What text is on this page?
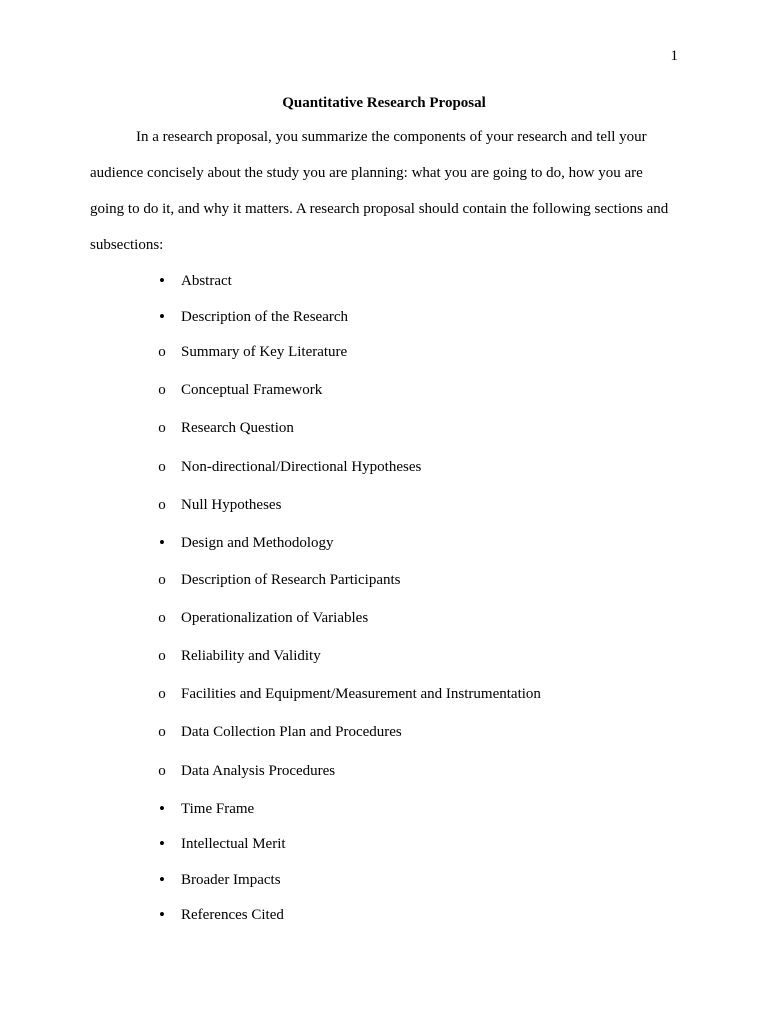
1
Quantitative Research Proposal

In a research proposal, you summarize the components of your research and tell your audience concisely about the study you are planning: what you are going to do, how you are going to do it, and why it matters. A research proposal should contain the following sections and subsections:

•	Abstract
•	Description of the Research
o	Summary of Key Literature
o	Conceptual Framework
o	Research Question
o	Non-directional/Directional Hypotheses
o	Null Hypotheses
•	Design and Methodology
o	Description of Research Participants
o	Operationalization of Variables
o	Reliability and Validity
o	Facilities and Equipment/Measurement and Instrumentation
o	Data Collection Plan and Procedures
o	Data Analysis Procedures
•	Time Frame
•	Intellectual Merit
•	Broader Impacts
•	References Cited
